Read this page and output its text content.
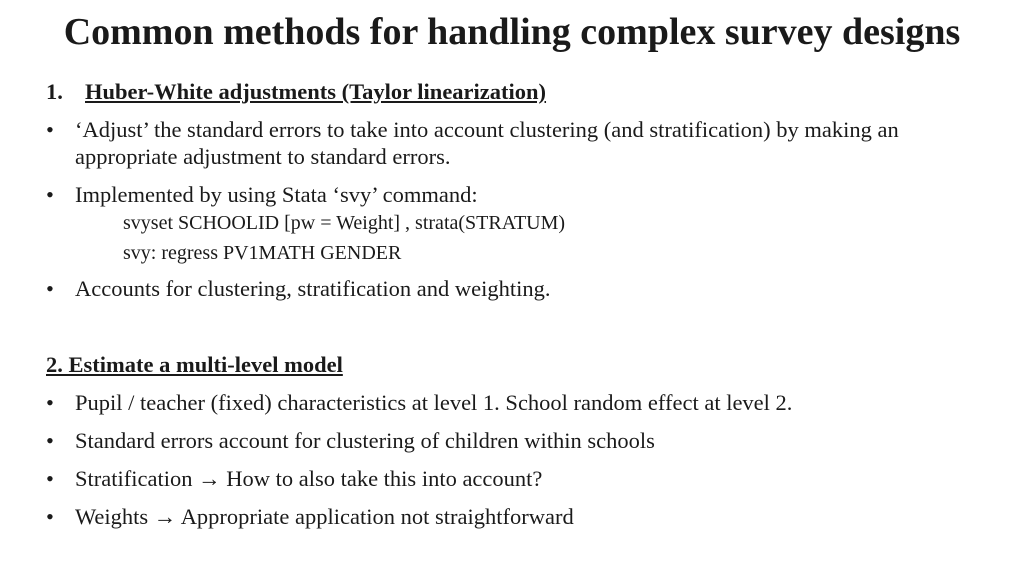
Common methods for handling complex survey designs
1. Huber-White adjustments (Taylor linearization)
• ‘Adjust’ the standard errors to take into account clustering (and stratification) by making an appropriate adjustment to standard errors.
• Implemented by using Stata ‘svy’ command:
svyset SCHOOLID [pw = Weight] , strata(STRATUM)
svy: regress PV1MATH GENDER
• Accounts for clustering, stratification and weighting.
2. Estimate a multi-level model
• Pupil / teacher (fixed) characteristics at level 1. School random effect at level 2.
• Standard errors account for clustering of children within schools
• Stratification → How to also take this into account?
• Weights → Appropriate application not straightforward
